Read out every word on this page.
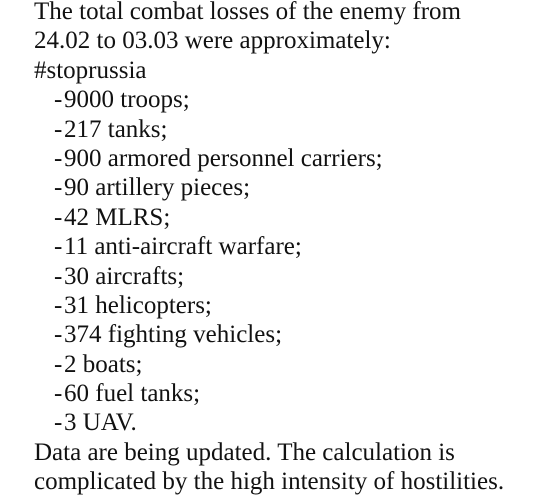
The total combat losses of the enemy from
24.02 to 03.03 were approximately:
#stoprussia
-9000 troops;
-217 tanks;
-900 armored personnel carriers;
-90 artillery pieces;
-42 MLRS;
-11 anti-aircraft warfare;
-30 aircrafts;
-31 helicopters;
-374 fighting vehicles;
-2 boats;
-60 fuel tanks;
-3 UAV.
Data are being updated. The calculation is
complicated by the high intensity of hostilities.
